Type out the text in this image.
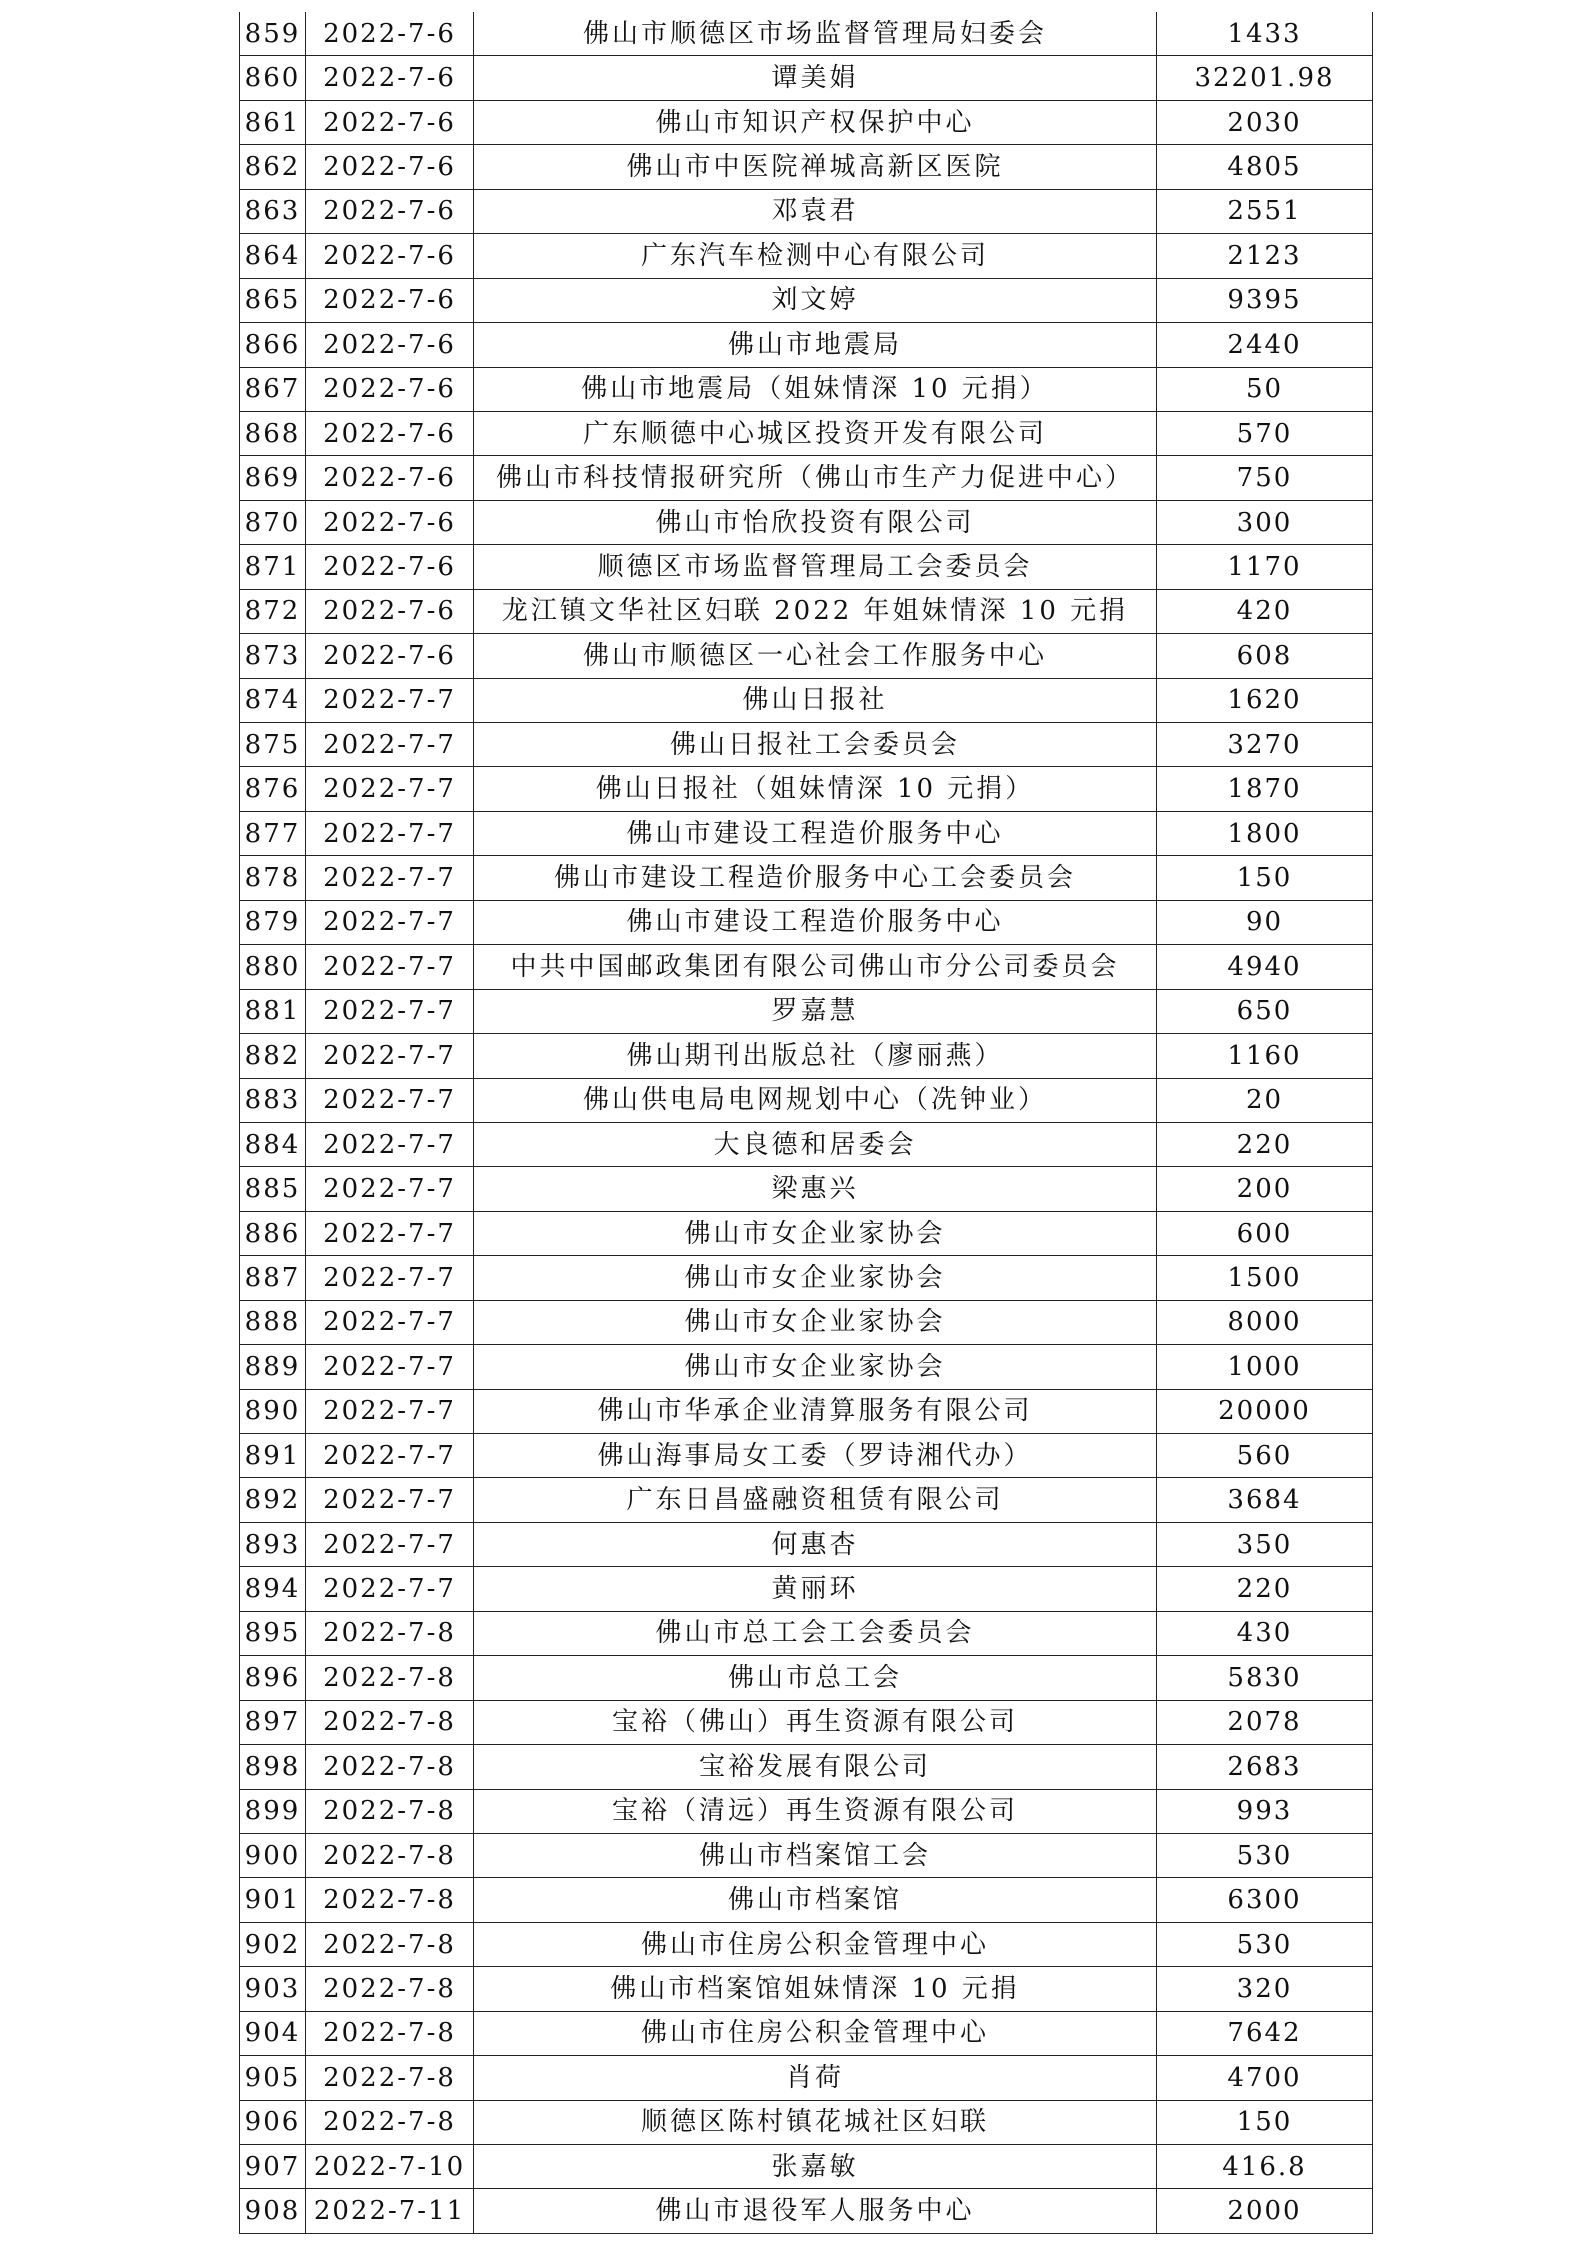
859	2022-7-6	佛山市顺德区市场监督管理局妇委会	1433
860	2022-7-6	谭美娟	32201.98
861	2022-7-6	佛山市知识产权保护中心	2030
862	2022-7-6	佛山市中医院禅城高新区医院	4805
863	2022-7-6	邓袁君	2551
864	2022-7-6	广东汽车检测中心有限公司	2123
865	2022-7-6	刘文婷	9395
866	2022-7-6	佛山市地震局	2440
867	2022-7-6	佛山市地震局（姐妹情深 10 元捐）	50
868	2022-7-6	广东顺德中心城区投资开发有限公司	570
869	2022-7-6	佛山市科技情报研究所（佛山市生产力促进中心）	750
870	2022-7-6	佛山市怡欣投资有限公司	300
871	2022-7-6	顺德区市场监督管理局工会委员会	1170
872	2022-7-6	龙江镇文华社区妇联 2022 年姐妹情深 10 元捐	420
873	2022-7-6	佛山市顺德区一心社会工作服务中心	608
874	2022-7-7	佛山日报社	1620
875	2022-7-7	佛山日报社工会委员会	3270
876	2022-7-7	佛山日报社（姐妹情深 10 元捐）	1870
877	2022-7-7	佛山市建设工程造价服务中心	1800
878	2022-7-7	佛山市建设工程造价服务中心工会委员会	150
879	2022-7-7	佛山市建设工程造价服务中心	90
880	2022-7-7	中共中国邮政集团有限公司佛山市分公司委员会	4940
881	2022-7-7	罗嘉慧	650
882	2022-7-7	佛山期刊出版总社（廖丽燕）	1160
883	2022-7-7	佛山供电局电网规划中心（冼钟业）	20
884	2022-7-7	大良德和居委会	220
885	2022-7-7	梁惠兴	200
886	2022-7-7	佛山市女企业家协会	600
887	2022-7-7	佛山市女企业家协会	1500
888	2022-7-7	佛山市女企业家协会	8000
889	2022-7-7	佛山市女企业家协会	1000
890	2022-7-7	佛山市华承企业清算服务有限公司	20000
891	2022-7-7	佛山海事局女工委（罗诗湘代办）	560
892	2022-7-7	广东日昌盛融资租赁有限公司	3684
893	2022-7-7	何惠杏	350
894	2022-7-7	黄丽环	220
895	2022-7-8	佛山市总工会工会委员会	430
896	2022-7-8	佛山市总工会	5830
897	2022-7-8	宝裕（佛山）再生资源有限公司	2078
898	2022-7-8	宝裕发展有限公司	2683
899	2022-7-8	宝裕（清远）再生资源有限公司	993
900	2022-7-8	佛山市档案馆工会	530
901	2022-7-8	佛山市档案馆	6300
902	2022-7-8	佛山市住房公积金管理中心	530
903	2022-7-8	佛山市档案馆姐妹情深 10 元捐	320
904	2022-7-8	佛山市住房公积金管理中心	7642
905	2022-7-8	肖荷	4700
906	2022-7-8	顺德区陈村镇花城社区妇联	150
907	2022-7-10	张嘉敏	416.8
908	2022-7-11	佛山市退役军人服务中心	2000
